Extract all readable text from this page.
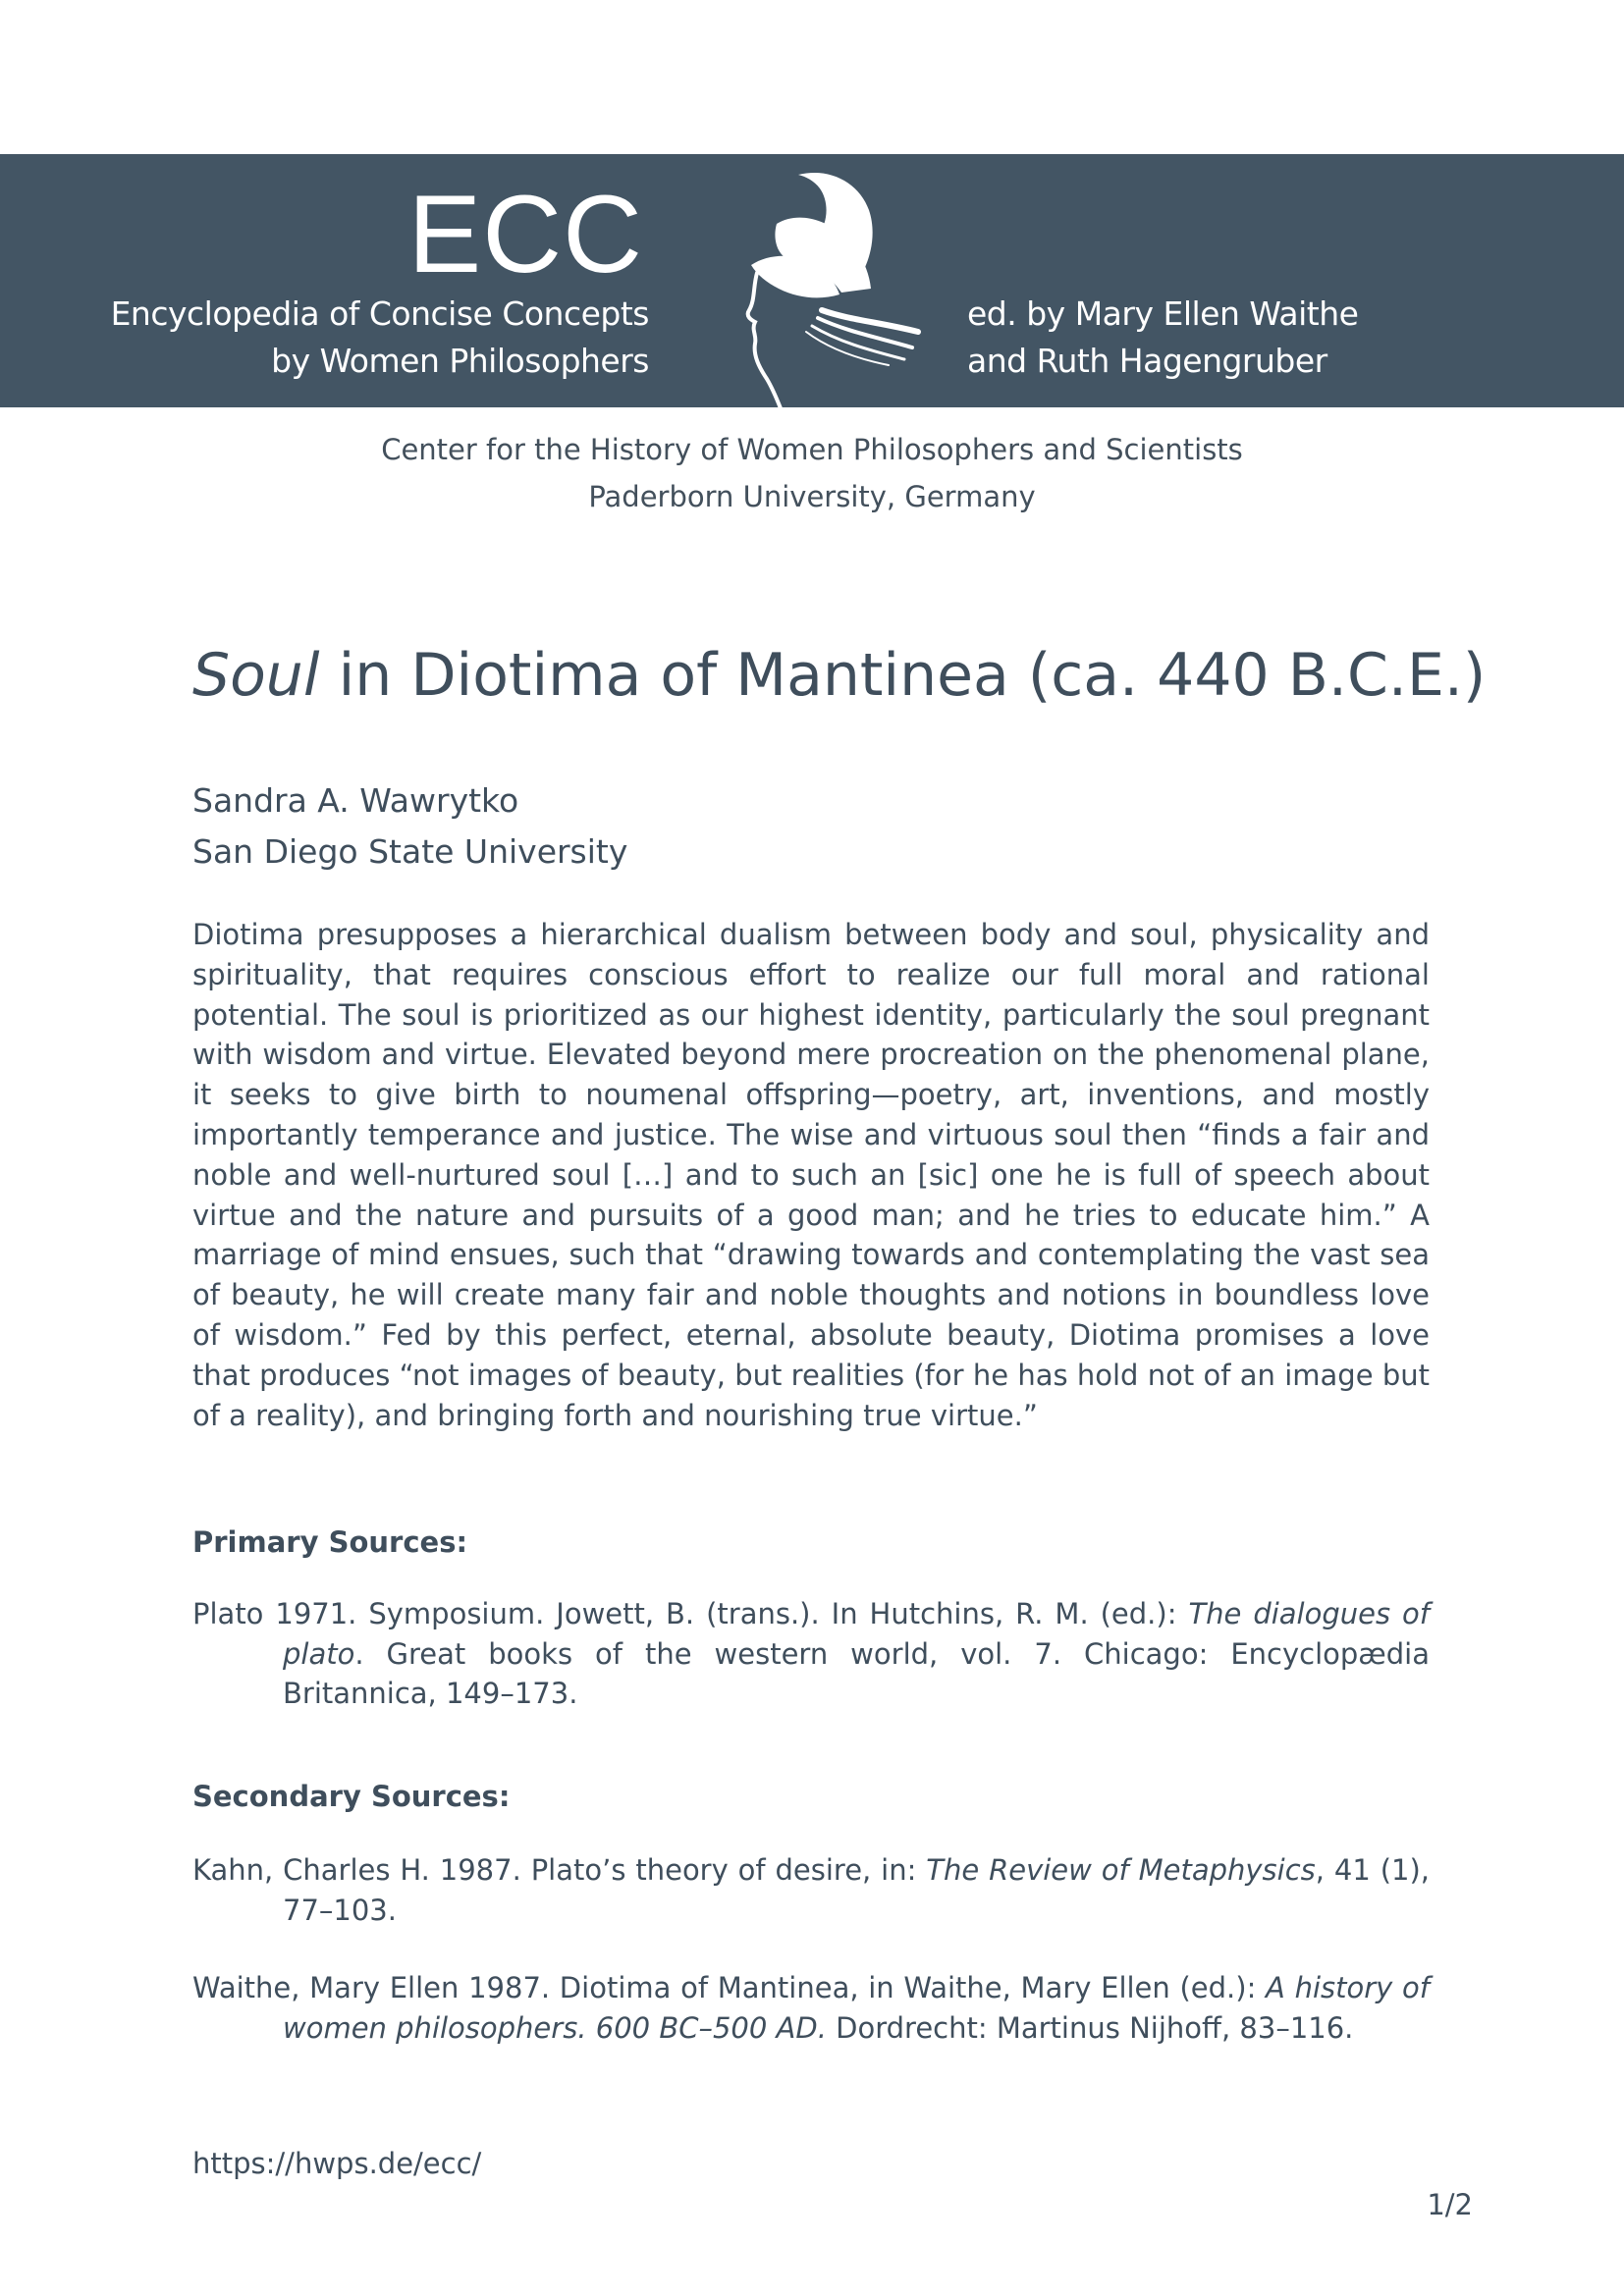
ECC
Encyclopedia of Concise Concepts
by Women Philosophers
ed. by Mary Ellen Waithe
and Ruth Hagengruber
Center for the History of Women Philosophers and Scientists
Paderborn University, Germany
Soul in Diotima of Mantinea (ca. 440 B.C.E.)
Sandra A. Wawrytko
San Diego State University

Diotima presupposes a hierarchical dualism between body and soul, physicality and spirituality, that requires conscious effort to realize our full moral and rational potential. The soul is prioritized as our highest identity, particularly the soul pregnant with wisdom and virtue. Elevated beyond mere procreation on the phenomenal plane, it seeks to give birth to noumenal offspring—poetry, art, inventions, and mostly importantly temperance and justice. The wise and virtuous soul then “finds a fair and noble and well-nurtured soul […] and to such an [sic] one he is full of speech about virtue and the nature and pursuits of a good man; and he tries to educate him.” A marriage of mind ensues, such that “drawing towards and contemplating the vast sea of beauty, he will create many fair and noble thoughts and notions in boundless love of wisdom.” Fed by this perfect, eternal, absolute beauty, Diotima promises a love that produces “not images of beauty, but realities (for he has hold not of an image but of a reality), and bringing forth and nourishing true virtue.”

Primary Sources:

Plato 1971. Symposium. Jowett, B. (trans.). In Hutchins, R. M. (ed.): The dialogues of plato. Great books of the western world, vol. 7. Chicago: Encyclopædia Britannica, 149–173.

Secondary Sources:

Kahn, Charles H. 1987. Plato’s theory of desire, in: The Review of Metaphysics, 41 (1), 77–103.

Waithe, Mary Ellen 1987. Diotima of Mantinea, in Waithe, Mary Ellen (ed.): A history of women philosophers. 600 BC–500 AD. Dordrecht: Martinus Nijhoff, 83–116.

https://hwps.de/ecc/
1/2
